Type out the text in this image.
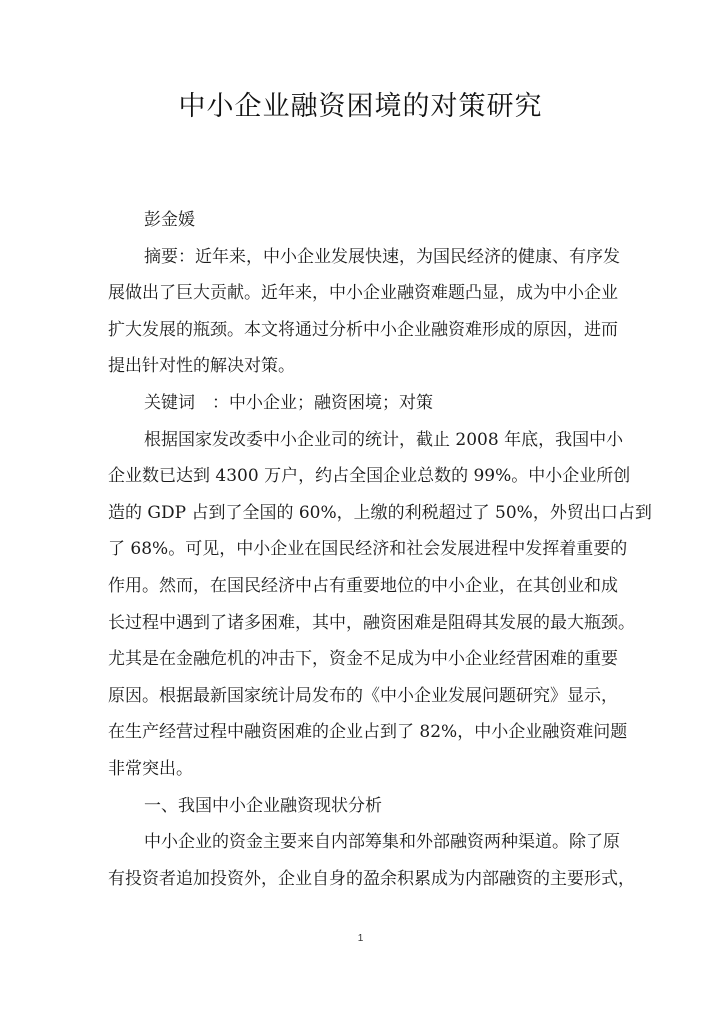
中小企业融资困境的对策研究
彭金媛
摘要：近年来，中小企业发展快速，为国民经济的健康、有序发
展做出了巨大贡献。近年来，中小企业融资难题凸显，成为中小企业
扩大发展的瓶颈。本文将通过分析中小企业融资难形成的原因，进而
提出针对性的解决对策。
关键词　：中小企业；融资困境；对策
根据国家发改委中小企业司的统计，截止 2008 年底，我国中小
企业数已达到 4300 万户，约占全国企业总数的 99%。中小企业所创
造的 GDP 占到了全国的 60%，上缴的利税超过了 50%，外贸出口占到
了 68%。可见，中小企业在国民经济和社会发展进程中发挥着重要的
作用。然而，在国民经济中占有重要地位的中小企业，在其创业和成
长过程中遇到了诸多困难，其中，融资困难是阻碍其发展的最大瓶颈。
尤其是在金融危机的冲击下，资金不足成为中小企业经营困难的重要
原因。根据最新国家统计局发布的《中小企业发展问题研究》显示，
在生产经营过程中融资困难的企业占到了 82%，中小企业融资难问题
非常突出。
一、我国中小企业融资现状分析
中小企业的资金主要来自内部筹集和外部融资两种渠道。除了原
有投资者追加投资外，企业自身的盈余积累成为内部融资的主要形式，
1
